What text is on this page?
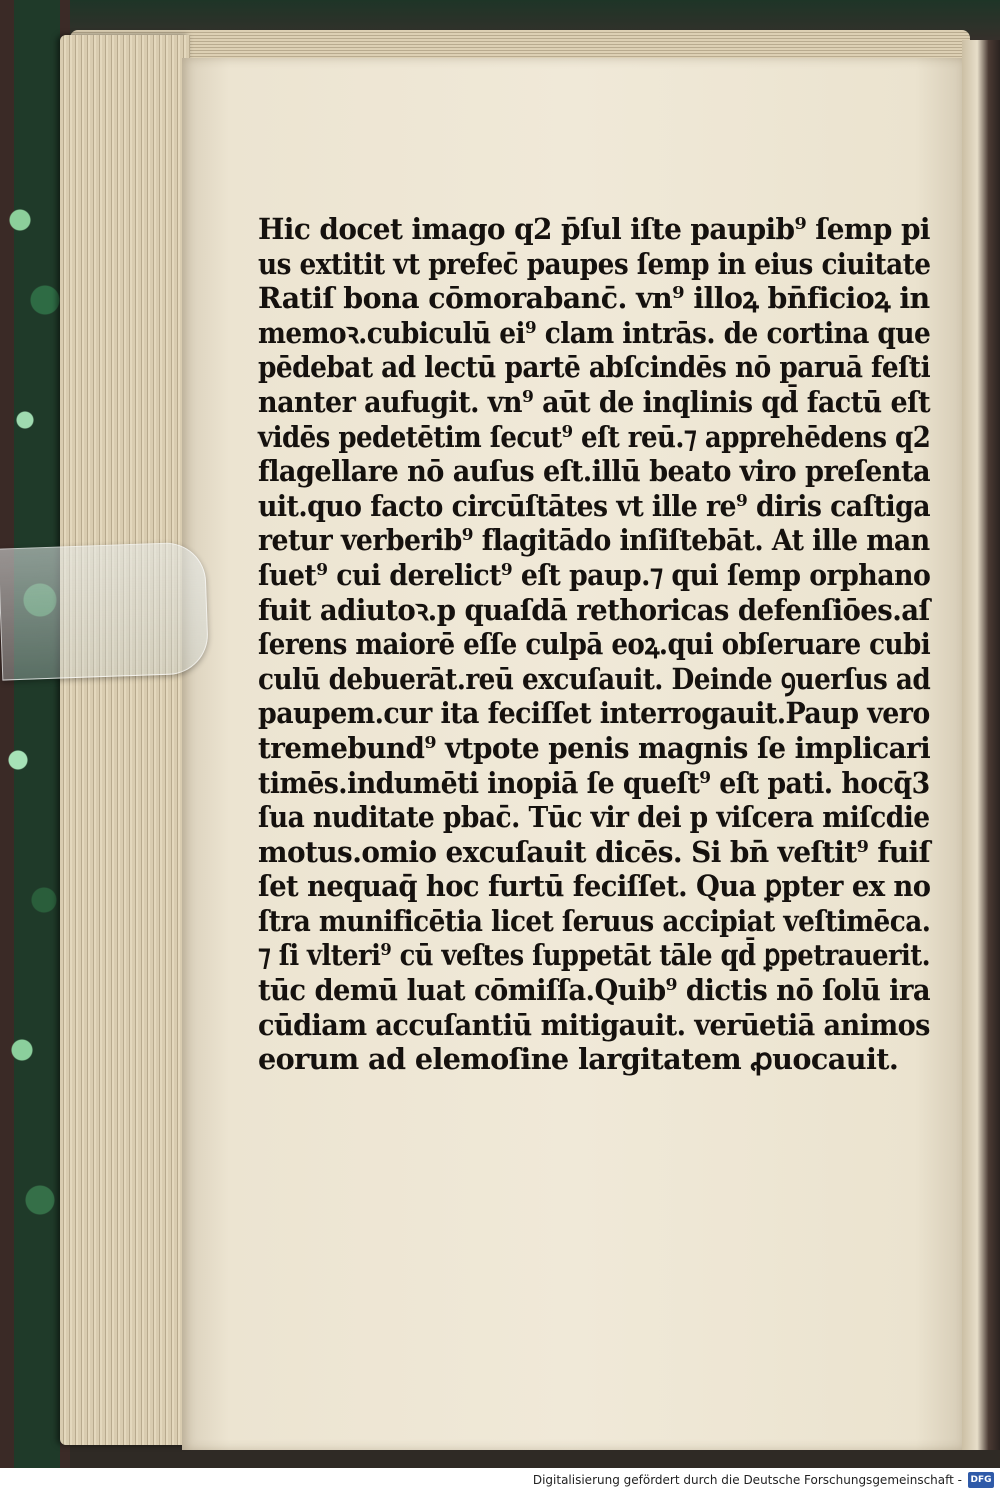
Hic docet imago q2 p̄ſul iſte paupib⁹ ſemp pi
us extitit vt prefec̄ paupes ſemp in eius ciuitate
Ratiſ bona cōmorabanc̄. vn⁹ illoꝝ bn̄ficioꝝ in
memoꝛ.cubiculū ei⁹ clam intrās. de cortina que
pēdebat ad lectū partē abſcindēs nō paruā feſti
nanter aufugit. vn⁹ aūt de inqlinis qd̄ factū eſt
vidēs pedetētim ſecut⁹ eſt reū.⁊ apprehēdens q2
flagellare nō auſus eſt.illū beato viro preſenta
uit.quo facto circūſtātes vt ille re⁹ diris caſtiga
retur verberib⁹ flagitādo inſiſtebāt. At ille man
ſuet⁹ cui derelict⁹ eſt paup.⁊ qui ſemp orphano
fuit adiutoꝛ.p quaſdā rethoricas defenſiōes.aſ
ſerens maiorē eſſe culpā eoꝝ.qui obſeruare cubi
culū debuerāt.reū excuſauit. Deinde ꝯuerſus ad
paupem.cur ita feciſſet interrogauit.Paup vero
tremebund⁹ vtpote penis magnis ſe implicari
timēs.indumēti inopiā ſe queſt⁹ eſt pati. hocq̄3
ſua nuditate pbac̄. Tūc vir dei p viſcera miſcdie
motus.omio excuſauit dicēs. Si bn̄ veſtit⁹ fuiſ
ſet nequaq̄ hoc furtū feciſſet. Qua ꝑpter ex no
ſtra munificētia licet ſeruus accipiat veſtimēca.
⁊ ſi vlteri⁹ cū veſtes ſuppetāt tāle qd̄ ꝑpetrauerit.
tūc demū luat cōmiſſa.Quib⁹ dictis nō ſolū ira
cūdiam accuſantiū mitigauit. verūetiā animos
eorum ad elemoſine largitatem ꝓuocauit.
Digitalisierung gefördert durch die Deutsche Forschungsgemeinschaft - DFG
